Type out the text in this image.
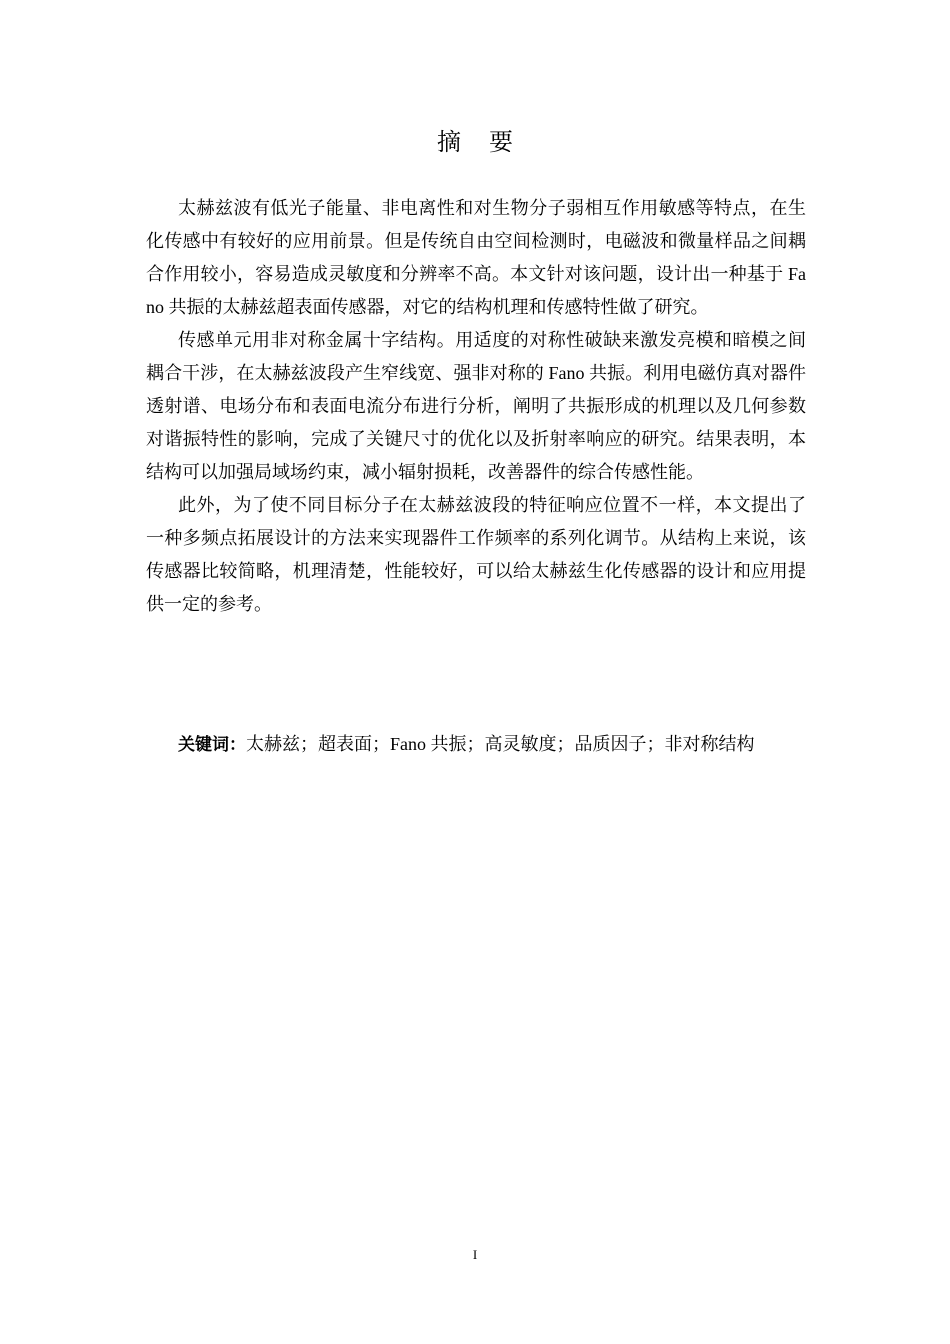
摘要

太赫兹波有低光子能量、非电离性和对生物分子弱相互作用敏感等特点，在生化传感中有较好的应用前景。但是传统自由空间检测时，电磁波和微量样品之间耦合作用较小，容易造成灵敏度和分辨率不高。本文针对该问题，设计出一种基于 Fano 共振的太赫兹超表面传感器，对它的结构机理和传感特性做了研究。

传感单元用非对称金属十字结构。用适度的对称性破缺来激发亮模和暗模之间耦合干涉，在太赫兹波段产生窄线宽、强非对称的 Fano 共振。利用电磁仿真对器件透射谱、电场分布和表面电流分布进行分析，阐明了共振形成的机理以及几何参数对谐振特性的影响，完成了关键尺寸的优化以及折射率响应的研究。结果表明，本结构可以加强局域场约束，减小辐射损耗，改善器件的综合传感性能。

此外，为了使不同目标分子在太赫兹波段的特征响应位置不一样，本文提出了一种多频点拓展设计的方法来实现器件工作频率的系列化调节。从结构上来说，该传感器比较简略，机理清楚，性能较好，可以给太赫兹生化传感器的设计和应用提供一定的参考。

关键词：太赫兹；超表面；Fano 共振；高灵敏度；品质因子；非对称结构
I
